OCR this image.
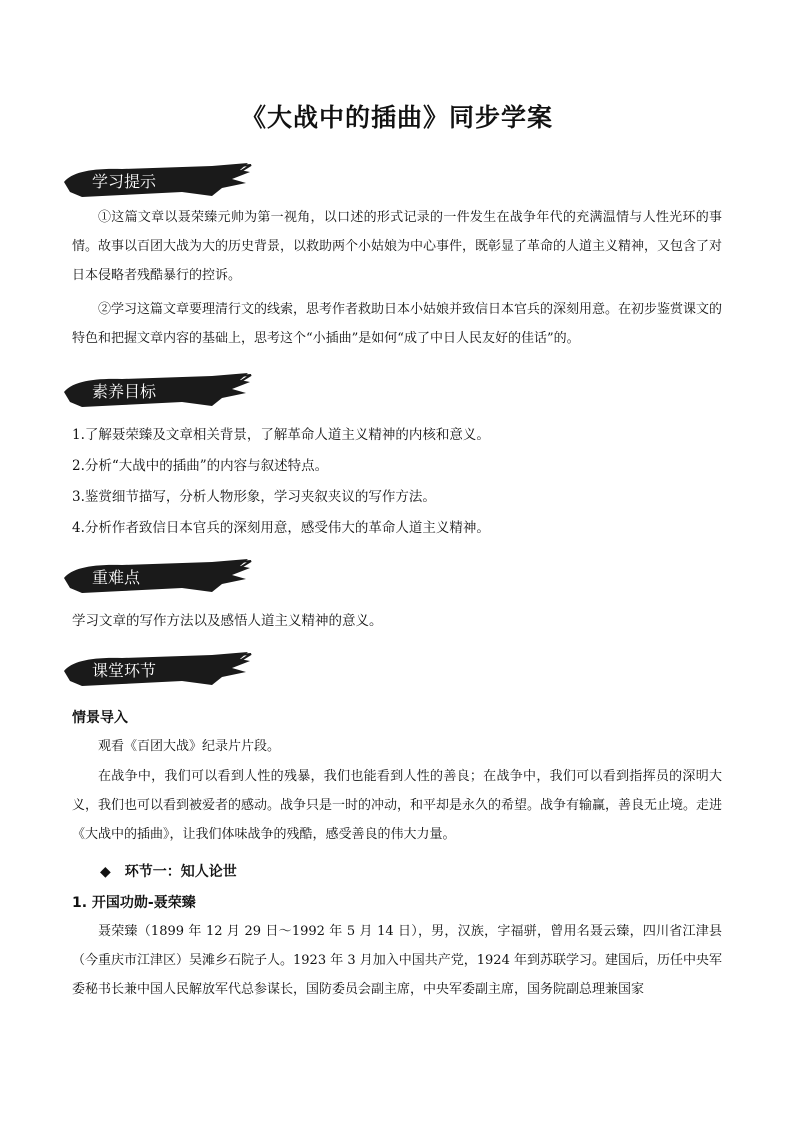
《大战中的插曲》同步学案
学习提示
①这篇文章以聂荣臻元帅为第一视角，以口述的形式记录的一件发生在战争年代的充满温情与人性光环的事情。故事以百团大战为大的历史背景，以救助两个小姑娘为中心事件，既彰显了革命的人道主义精神，又包含了对日本侵略者残酷暴行的控诉。
②学习这篇文章要理清行文的线索，思考作者救助日本小姑娘并致信日本官兵的深刻用意。在初步鉴赏课文的特色和把握文章内容的基础上，思考这个“小插曲”是如何“成了中日人民友好的佳话”的。
素养目标
1.了解聂荣臻及文章相关背景，了解革命人道主义精神的内核和意义。
2.分析“大战中的插曲”的内容与叙述特点。
3.鉴赏细节描写，分析人物形象，学习夹叙夹议的写作方法。
4.分析作者致信日本官兵的深刻用意，感受伟大的革命人道主义精神。
重难点
学习文章的写作方法以及感悟人道主义精神的意义。
课堂环节
情景导入
观看《百团大战》纪录片片段。
在战争中，我们可以看到人性的残暴，我们也能看到人性的善良；在战争中，我们可以看到指挥员的深明大义，我们也可以看到被爱者的感动。战争只是一时的冲动，和平却是永久的希望。战争有输赢，善良无止境。走进《大战中的插曲》，让我们体味战争的残酷，感受善良的伟大力量。
◆ 环节一：知人论世
1. 开国功勋-聂荣臻
聂荣臻（1899 年 12 月 29 日～1992 年 5 月 14 日），男，汉族，字福骈，曾用名聂云臻，四川省江津县（今重庆市江津区）吴滩乡石院子人。1923 年 3 月加入中国共产党，1924 年到苏联学习。建国后，历任中央军委秘书长兼中国人民解放军代总参谋长，国防委员会副主席，中央军委副主席，国务院副总理兼国家
